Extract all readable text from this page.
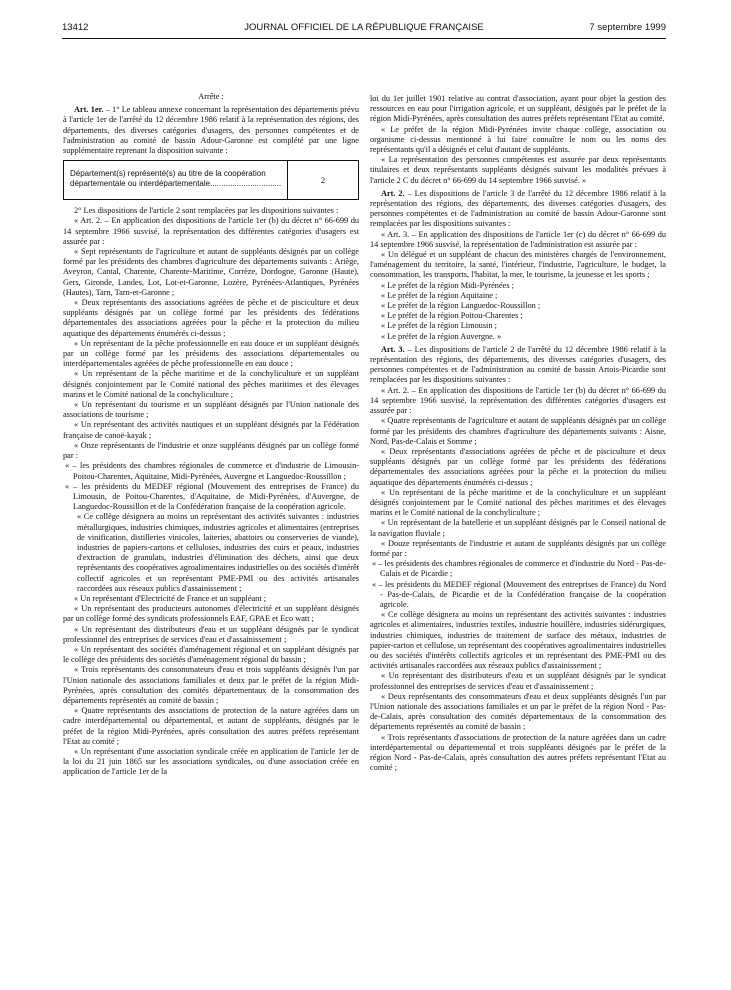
13412	JOURNAL OFFICIEL DE LA RÉPUBLIQUE FRANÇAISE	7 septembre 1999

Arrête :

Art. 1er. – 1° Le tableau annexe concernant la représentation des départements prévu à l'article 1er de l'arrêté du 12 décembre 1986 relatif à la représentation des régions, des départements, des diverses catégories d'usagers, des personnes compétentes et de l'administration au comité de bassin Adour-Garonne est complété par une ligne supplémentaire reprenant la disposition suivante :

Département(s) représenté(s) au titre de la coopération départementale ou interdépartementale................................	2

2° Les dispositions de l'article 2 sont remplacées par les dispositions suivantes :

« Art. 2. – En application des dispositions de l'article 1er (b) du décret n° 66-699 du 14 septembre 1966 susvisé, la représentation des différentes catégories d'usagers est assurée par :

« Sept représentants de l'agriculture et autant de suppléants désignés par un collège formé par les présidents des chambres d'agriculture des départements suivants : Ariège, Aveyron, Cantal, Charente, Charente-Maritime, Corrèze, Dordogne, Garonne (Haute), Gers, Gironde, Landes, Lot, Lot-et-Garonne, Lozère, Pyrénées-Atlantiques, Pyrénées (Hautes), Tarn, Tarn-et-Garonne ;

« Deux représentants des associations agréées de pêche et de pisciculture et deux suppléants désignés par un collège formé par les présidents des fédérations départementales des associations agréées pour la pêche et la protection du milieu aquatique des départements énumérés ci-dessus ;

« Un représentant de la pêche professionnelle en eau douce et un suppléant désignés par un collège formé par les présidents des associations départementales ou interdépartementales agréées de pêche professionnelle en eau douce ;

« Un représentant de la pêche maritime et de la conchyliculture et un suppléant désignés conjointement par le Comité national des pêches maritimes et des élevages marins et le Comité national de la conchyliculture ;

« Un représentant du tourisme et un suppléant désignés par l'Union nationale des associations de tourisme ;

« Un représentant des activités nautiques et un suppléant désignés par la Fédération française de canoë-kayak ;

« Onze représentants de l'industrie et onze suppléants désignés par un collège formé par :

« – les présidents des chambres régionales de commerce et d'industrie de Limousin-Poitou-Charentes, Aquitaine, Midi-Pyrénées, Auvergne et Languedoc-Roussillon ;

« – les présidents du MEDEF régional (Mouvement des entreprises de France) du Limousin, de Poitou-Charentes, d'Aquitaine, de Midi-Pyrénées, d'Auvergne, de Languedoc-Roussillon et de la Confédération française de la coopération agricole.

« Ce collège désignera au moins un représentant des activités suivantes : industries métallurgiques, industries chimiques, industries agricoles et alimentaires (entreprises de vinification, distilleries vinicoles, laiteries, abattoirs ou conserveries de viande), industries de papiers-cartons et celluloses, industries des cuirs et peaux, industries d'extraction de granulats, industries d'élimination des déchets, ainsi que deux représentants des coopératives agroalimentaires industrielles ou des sociétés d'intérêt collectif agricoles et un représentant PME-PMI ou des activités artisanales raccordées aux réseaux publics d'assainissement ;

« Un représentant d'Electricité de France et un suppléant ;

« Un représentant des producteurs autonomes d'électricité et un suppléant désignés par un collège formé des syndicats professionnels EAF, GPAE et Eco watt ;

« Un représentant des distributeurs d'eau et un suppléant désignés par le syndicat professionnel des entreprises de services d'eau et d'assainissement ;

« Un représentant des sociétés d'aménagement régional et un suppléant désignés par le collège des présidents des sociétés d'aménagement régional du bassin ;

« Trois représentants des consommateurs d'eau et trois suppléants désignés l'un par l'Union nationale des associations familiales et deux par le préfet de la région Midi-Pyrénées, après consultation des comités départementaux de la consommation des départements représentés au comité de bassin ;

« Quatre représentants des associations de protection de la nature agréées dans un cadre interdépartemental ou départemental, et autant de suppléants, désignés par le préfet de la région Midi-Pyrénées, après consultation des autres préfets représentant l'Etat au comité ;

« Un représentant d'une association syndicale créée en application de l'article 1er de la loi du 21 juin 1865 sur les associations syndicales, ou d'une association créée en application de l'article 1er de la

loi du 1er juillet 1901 relative au contrat d'association, ayant pour objet la gestion des ressources en eau pour l'irrigation agricole, et un suppléant, désignés par le préfet de la région Midi-Pyrénées, après consultation des autres préfets représentant l'Etat au comité.

« Le préfet de la région Midi-Pyrénées invite chaque collège, association ou organisme ci-dessus mentionné à lui faire connaître le nom ou les noms des représentants qu'il a désignés et celui d'autant de suppléants.

« La représentation des personnes compétentes est assurée par deux représentants titulaires et deux représentants suppléants désignés suivant les modalités prévues à l'article 2 C du décret n° 66-699 du 14 septembre 1966 susvisé. »

Art. 2. – Les dispositions de l'article 3 de l'arrêté du 12 décembre 1986 relatif à la représentation des régions, des départements, des diverses catégories d'usagers, des personnes compétentes et de l'administration au comité de bassin Adour-Garonne sont remplacées par les dispositions suivantes :

« Art. 3. – En application des dispositions de l'article 1er (c) du décret n° 66-699 du 14 septembre 1966 susvisé, la représentation de l'administration est assurée par :

« Un délégué et un suppléant de chacun des ministères chargés de l'environnement, l'aménagement du territoire, la santé, l'intérieur, l'industrie, l'agriculture, le budget, la consommation, les transports, l'habitat, la mer, le tourisme, la jeunesse et les sports ;

« Le préfet de la région Midi-Pyrénées ;

« Le préfet de la région Aquitaine ;

« Le préfet de la région Languedoc-Roussillon ;

« Le préfet de la région Poitou-Charentes ;

« Le préfet de la région Limousin ;

« Le préfet de la région Auvergne. »

Art. 3. – Les dispositions de l'article 2 de l'arrêté du 12 décembre 1986 relatif à la représentation des régions, des départements, des diverses catégories d'usagers, des personnes compétentes et de l'administration au comité de bassin Artois-Picardie sont remplacées par les dispositions suivantes :

« Art. 2. – En application des dispositions de l'article 1er (b) du décret n° 66-699 du 14 septembre 1966 susvisé, la représentation des différentes catégories d'usagers est assurée par :

« Quatre représentants de l'agriculture et autant de suppléants désignés par un collège formé par les présidents des chambres d'agriculture des départements suivants : Aisne, Nord, Pas-de-Calais et Somme ;

« Deux représentants d'associations agréées de pêche et de pisciculture et deux suppléants désignés par un collège formé par les présidents des fédérations départementales des associations agréées pour la pêche et la protection du milieu aquatique des départements énumérés ci-dessus ;

« Un représentant de la pêche maritime et de la conchyliculture et un suppléant désignés conjointement par le Comité national des pêches maritimes et des élevages marins et le Comité national de la conchyliculture ;

« Un représentant de la batellerie et un suppléant désignés par le Conseil national de la navigation fluviale ;

« Douze représentants de l'industrie et autant de suppléants désignés par un collège formé par :

« – les présidents des chambres régionales de commerce et d'industrie du Nord - Pas-de-Calais et de Picardie ;

« – les présidents du MEDEF régional (Mouvement des entreprises de France) du Nord - Pas-de-Calais, de Picardie et de la Confédération française de la coopération agricole.

« Ce collège désignera au moins un représentant des activités suivantes : industries agricoles et alimentaires, industries textiles, industrie houillère, industries sidérurgiques, industries chimiques, industries de traitement de surface des métaux, industries de papier-carton et cellulose, un représentant des coopératives agroalimentaires industrielles ou des sociétés d'intérêts collectifs agricoles et un représentant des PME-PMI ou des activités artisanales raccordées aux réseaux publics d'assainissement ;

« Un représentant des distributeurs d'eau et un suppléant désignés par le syndicat professionnel des entreprises de services d'eau et d'assainissement ;

« Deux représentants des consommateurs d'eau et deux suppléants désignés l'un par l'Union nationale des associations familiales et un par le préfet de la région Nord - Pas-de-Calais, après consultation des comités départementaux de la consommation des départements représentés au comité de bassin ;

« Trois représentants d'associations de protection de la nature agréées dans un cadre interdépartemental ou départemental et trois suppléants désignés par le préfet de la région Nord - Pas-de-Calais, après consultation des autres préfets représentant l'Etat au comité ;
